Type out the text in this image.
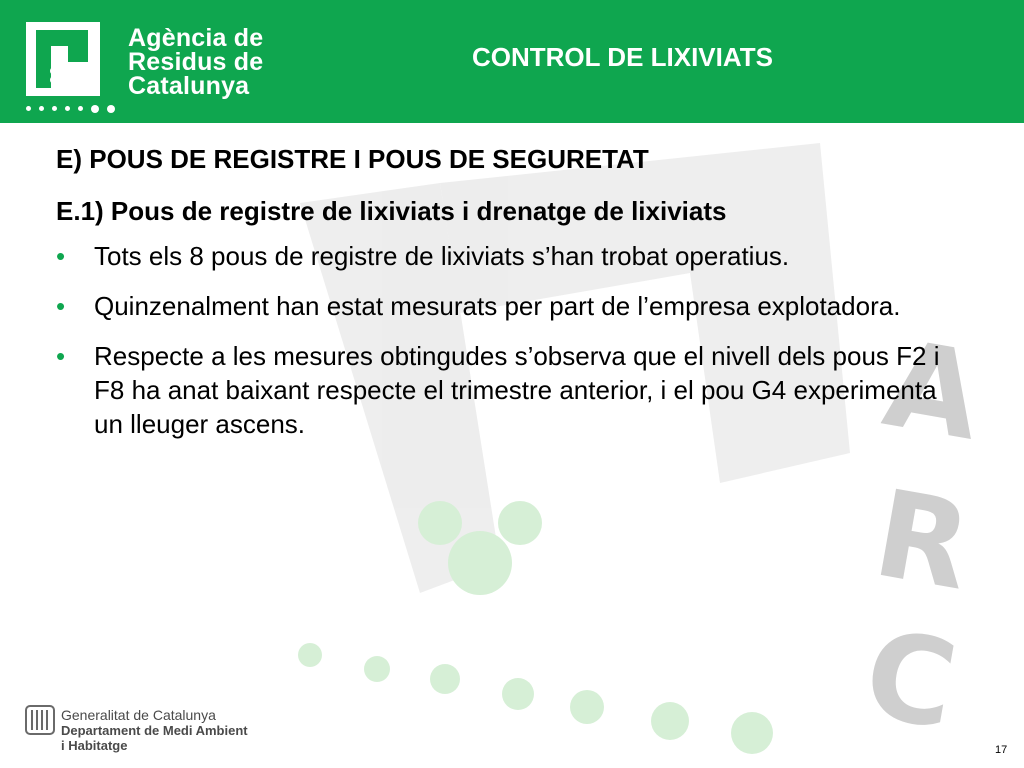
Agència de
Residus de
Catalunya
CONTROL DE LIXIVIATS
A
R
C
E) POUS DE REGISTRE I POUS DE SEGURETAT
E.1) Pous de registre de lixiviats i drenatge de lixiviats
• Tots els 8 pous de registre de lixiviats s’han trobat operatius.
• Quinzenalment han estat mesurats per part de l’empresa explotadora.
• Respecte a les mesures obtingudes s’observa que el nivell dels pous F2 i F8 ha anat baixant respecte el trimestre anterior, i el pou G4 experimenta un lleuger ascens.
Generalitat de Catalunya
Departament de Medi Ambient
i Habitatge	17
